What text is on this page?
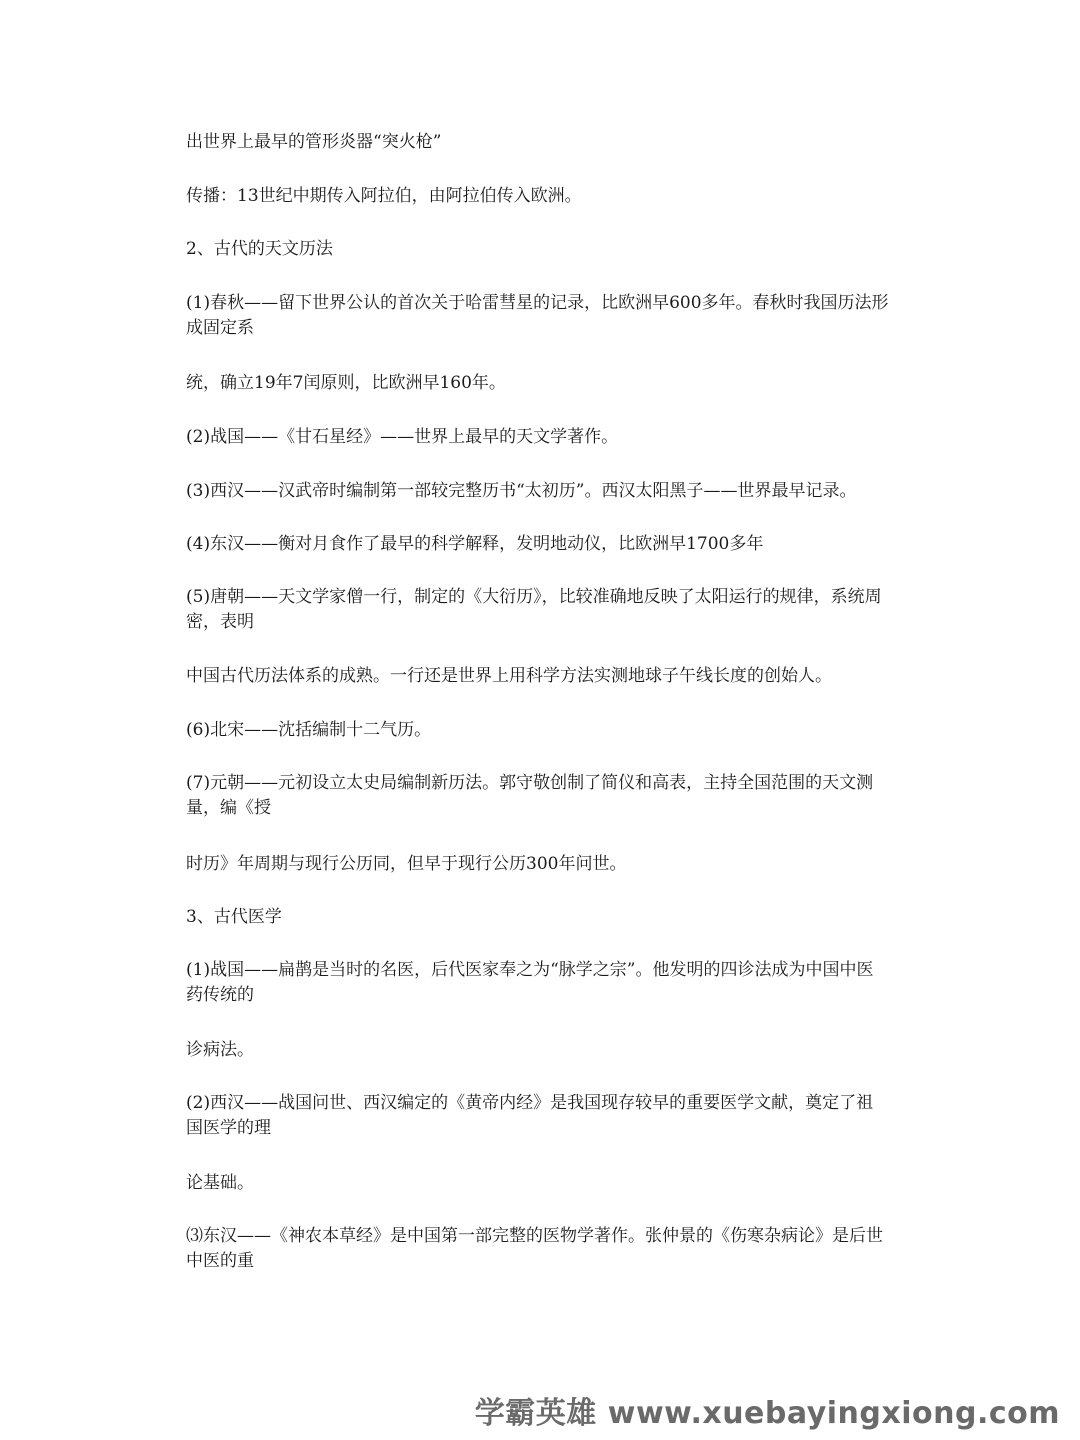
出世界上最早的管形炎器“突火枪”
传播：13世纪中期传入阿拉伯，由阿拉伯传入欧洲。
2、古代的天文历法
(1)春秋——留下世界公认的首次关于哈雷彗星的记录，比欧洲早600多年。春秋时我国历法形成固定系
统，确立19年7闰原则，比欧洲早160年。
(2)战国——《甘石星经》——世界上最早的天文学著作。
(3)西汉——汉武帝时编制第一部较完整历书“太初历”。西汉太阳黑子——世界最早记录。
(4)东汉——衡对月食作了最早的科学解释，发明地动仪，比欧洲早1700多年
(5)唐朝——天文学家僧一行，制定的《大衍历》，比较准确地反映了太阳运行的规律，系统周密，表明
中国古代历法体系的成熟。一行还是世界上用科学方法实测地球子午线长度的创始人。
(6)北宋——沈括编制十二气历。
(7)元朝——元初设立太史局编制新历法。郭守敬创制了简仪和高表，主持全国范围的天文测量，编《授
时历》年周期与现行公历同，但早于现行公历300年问世。
3、古代医学
(1)战国——扁鹊是当时的名医，后代医家奉之为“脉学之宗”。他发明的四诊法成为中国中医药传统的
诊病法。
(2)西汉——战国问世、西汉编定的《黄帝内经》是我国现存较早的重要医学文献，奠定了祖国医学的理
论基础。
⑶东汉——《神农本草经》是中国第一部完整的医物学著作。张仲景的《伤寒杂病论》是后世中医的重
学霸英雄 www.xuebayingxiong.com
